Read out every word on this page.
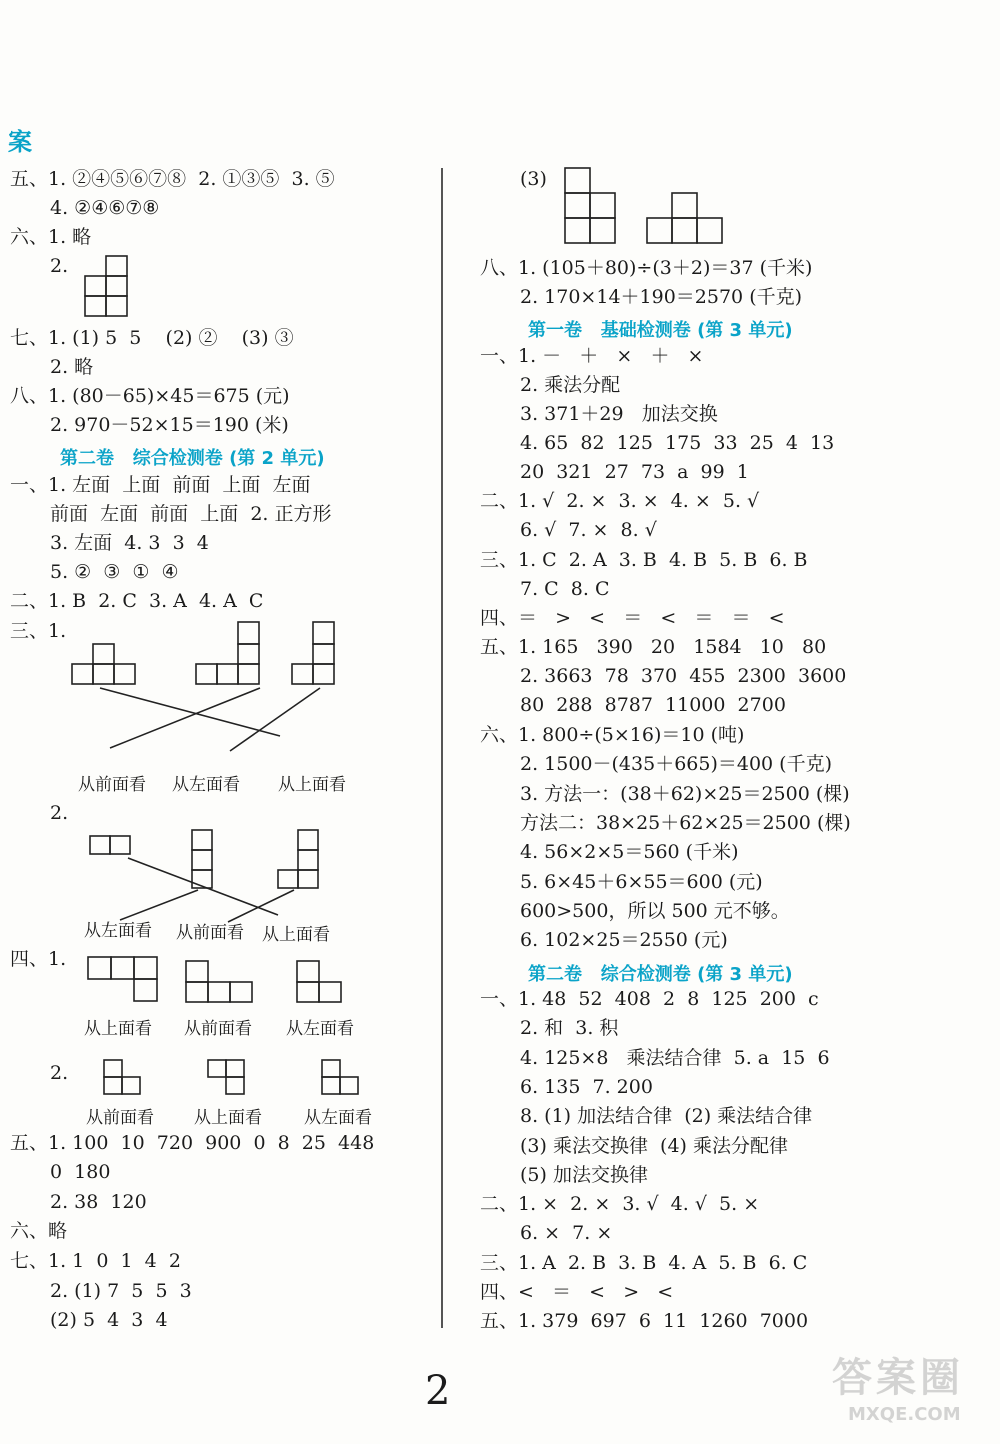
案
五、1. ②④⑤⑥⑦⑧  2. ①③⑤  3. ⑤
4. ②④⑥⑦⑧
六、1. 略
2.
七、1. (1) 5  5    (2) ②    (3) ③
2. 略
八、1. (80－65)×45＝675 (元)
2. 970－52×15＝190 (米)
第二卷   综合检测卷 (第 2 单元)
一、1. 左面  上面  前面  上面  左面
前面  左面  前面  上面  2. 正方形
3. 左面  4. 3  3  4
5. ②  ③  ①  ④
二、1. B  2. C  3. A  4. A  C
三、1.
从前面看 从左面看 从上面看
2.
从左面看 从前面看 从上面看
四、1.
从上面看 从前面看 从左面看
2.
从前面看 从上面看 从左面看
五、1. 100  10  720  900  0  8  25  448
0  180
2. 38  120
六、略
七、1. 1  0  1  4  2
2. (1) 7  5  5  3
(2) 5  4  3  4
(3)
八、1. (105＋80)÷(3＋2)＝37 (千米)
2. 170×14＋190＝2570 (千克)
第一卷   基础检测卷 (第 3 单元)
一、1. －   ＋   ×   ＋   ×
2. 乘法分配
3. 371＋29   加法交换
4. 65  82  125  175  33  25  4  13
20  321  27  73  a  99  1
二、1. √  2. ×  3. ×  4. ×  5. √
6. √  7. ×  8. √
三、1. C  2. A  3. B  4. B  5. B  6. B
7. C  8. C
四、＝   >   <   ＝   <   ＝   ＝   <
五、1. 165   390   20   1584   10   80
2. 3663  78  370  455  2300  3600
80  288  8787  11000  2700
六、1. 800÷(5×16)＝10 (吨)
2. 1500－(435＋665)＝400 (千克)
3. 方法一：(38＋62)×25＝2500 (棵)
方法二：38×25＋62×25＝2500 (棵)
4. 56×2×5＝560 (千米)
5. 6×45＋6×55＝600 (元)
600>500，所以 500 元不够。
6. 102×25＝2550 (元)
第二卷   综合检测卷 (第 3 单元)
一、1. 48  52  408  2  8  125  200  c
2. 和  3. 积
4. 125×8   乘法结合律  5. a  15  6
6. 135  7. 200
8. (1) 加法结合律  (2) 乘法结合律
(3) 乘法交换律  (4) 乘法分配律
(5) 加法交换律
二、1. ×  2. ×  3. √  4. √  5. ×
6. ×  7. ×
三、1. A  2. B  3. B  4. A  5. B  6. C
四、<   ＝   <   >   <
五、1. 379  697  6  11  1260  7000
2	答案圈
MXQE.COM
